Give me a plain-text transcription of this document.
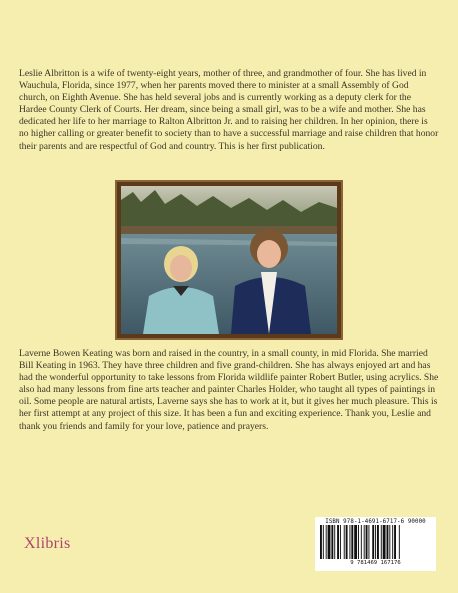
Leslie Albritton is a wife of twenty-eight years, mother of three, and grandmother of four. She has lived in Wauchula, Florida, since 1977, when her parents moved there to minister at a small Assembly of God church, on Eighth Avenue. She has held several jobs and is currently working as a deputy clerk for the Hardee County Clerk of Courts. Her dream, since being a small girl, was to be a wife and mother. She has dedicated her life to her marriage to Ralton Albritton Jr. and to raising her children. In her opinion, there is no higher calling or greater benefit to society than to have a successful marriage and raise children that honor their parents and are respectful of God and country. This is her first publication.

Laverne Bowen Keating was born and raised in the country, in a small county, in mid Florida. She married Bill Keating in 1963. They have three children and five grand-children. She has always enjoyed art and has had the wonderful opportunity to take lessons from Florida wildlife painter Robert Butler, using acrylics. She also had many lessons from fine arts teacher and painter Charles Holder, who taught all types of paintings in oil. Some people are natural artists, Laverne says she has to work at it, but it gives her much pleasure. This is her first attempt at any project of this size. It has been a fun and exciting experience. Thank you, Leslie and thank you friends and family for your love, patience and prayers.

Xlibris
ISBN 978-1-4691-6717-6 90000
9 781469 167176
